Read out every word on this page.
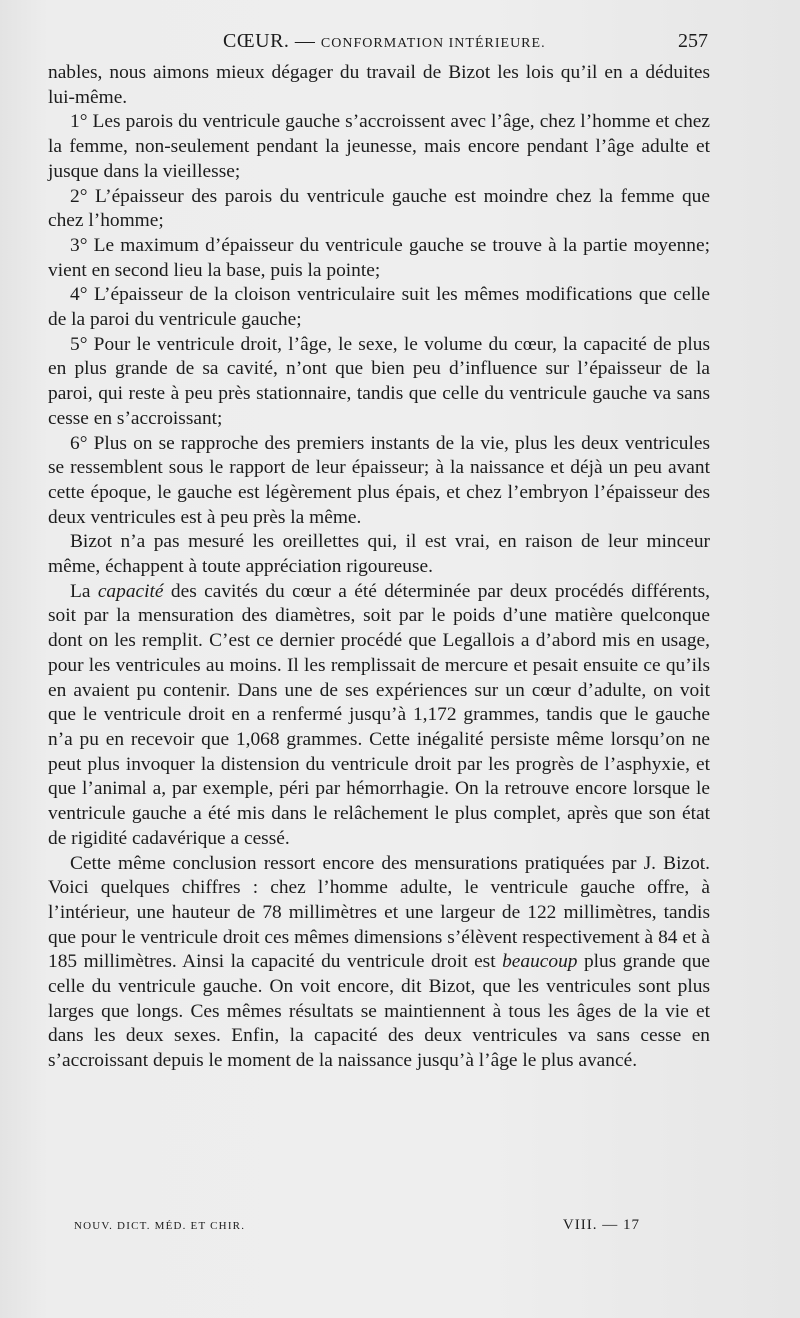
CŒUR. — CONFORMATION INTÉRIEURE.	257

nables, nous aimons mieux dégager du travail de Bizot les lois qu’il en a déduites lui-même.

1° Les parois du ventricule gauche s’accroissent avec l’âge, chez l’homme et chez la femme, non-seulement pendant la jeunesse, mais encore pendant l’âge adulte et jusque dans la vieillesse;

2° L’épaisseur des parois du ventricule gauche est moindre chez la femme que chez l’homme;

3° Le maximum d’épaisseur du ventricule gauche se trouve à la partie moyenne; vient en second lieu la base, puis la pointe;

4° L’épaisseur de la cloison ventriculaire suit les mêmes modifications que celle de la paroi du ventricule gauche;

5° Pour le ventricule droit, l’âge, le sexe, le volume du cœur, la capacité de plus en plus grande de sa cavité, n’ont que bien peu d’influence sur l’épaisseur de la paroi, qui reste à peu près stationnaire, tandis que celle du ventricule gauche va sans cesse en s’accroissant;

6° Plus on se rapproche des premiers instants de la vie, plus les deux ventricules se ressemblent sous le rapport de leur épaisseur; à la naissance et déjà un peu avant cette époque, le gauche est légèrement plus épais, et chez l’embryon l’épaisseur des deux ventricules est à peu près la même.

Bizot n’a pas mesuré les oreillettes qui, il est vrai, en raison de leur minceur même, échappent à toute appréciation rigoureuse.

La capacité des cavités du cœur a été déterminée par deux procédés différents, soit par la mensuration des diamètres, soit par le poids d’une matière quelconque dont on les remplit. C’est ce dernier procédé que Legallois a d’abord mis en usage, pour les ventricules au moins. Il les remplissait de mercure et pesait ensuite ce qu’ils en avaient pu contenir. Dans une de ses expériences sur un cœur d’adulte, on voit que le ventricule droit en a renfermé jusqu’à 1,172 grammes, tandis que le gauche n’a pu en recevoir que 1,068 grammes. Cette inégalité persiste même lorsqu’on ne peut plus invoquer la distension du ventricule droit par les progrès de l’asphyxie, et que l’animal a, par exemple, péri par hémorrhagie. On la retrouve encore lorsque le ventricule gauche a été mis dans le relâchement le plus complet, après que son état de rigidité cadavérique a cessé.

Cette même conclusion ressort encore des mensurations pratiquées par J. Bizot. Voici quelques chiffres : chez l’homme adulte, le ventricule gauche offre, à l’intérieur, une hauteur de 78 millimètres et une largeur de 122 millimètres, tandis que pour le ventricule droit ces mêmes dimensions s’élèvent respectivement à 84 et à 185 millimètres. Ainsi la capacité du ventricule droit est beaucoup plus grande que celle du ventricule gauche. On voit encore, dit Bizot, que les ventricules sont plus larges que longs. Ces mêmes résultats se maintiennent à tous les âges de la vie et dans les deux sexes. Enfin, la capacité des deux ventricules va sans cesse en s’accroissant depuis le moment de la naissance jusqu’à l’âge le plus avancé.

NOUV. DICT. MÉD. ET CHIR.	VIII. — 17
